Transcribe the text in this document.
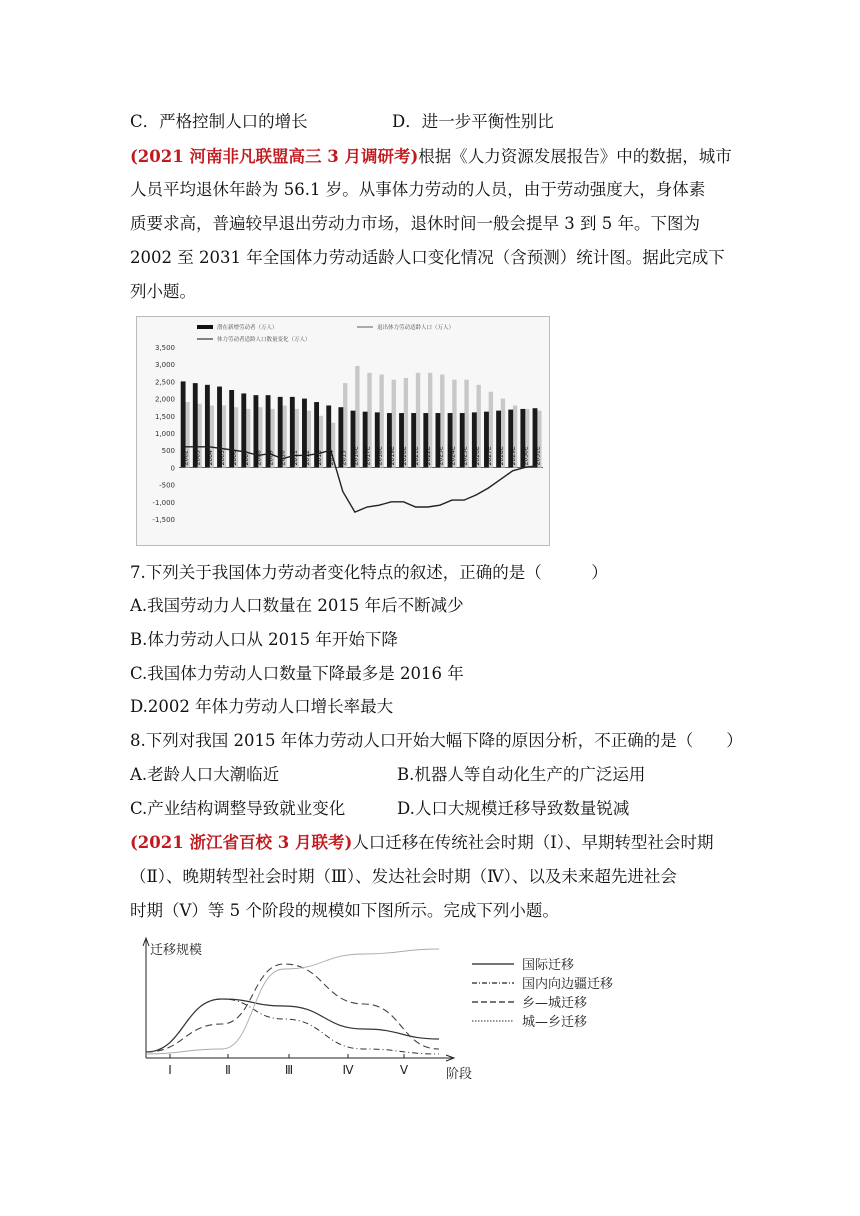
C．严格控制人口的增长	D．进一步平衡性别比
(2021 河南非凡联盟高三 3 月调研考)根据《人力资源发展报告》中的数据，城市
人员平均退休年龄为 56.1 岁。从事体力劳动的人员，由于劳动强度大，身体素
质要求高，普遍较早退出劳动力市场，退休时间一般会提早 3 到 5 年。下图为
2002 至 2031 年全国体力劳动适龄人口变化情况（含预测）统计图。据此完成下
列小题。
3,500
3,000
2,500
2,000
1,500
1,000
500
0
-500
-1,000
-1,500
2002 2003 2004 2005 2006 2007 2008 2009 2010 2011 2012 2013 2014 2015 2016E 2017E 2018E 2019E 2020E 2021E 2022E 2023E 2024E 2025E 2026E 2027E 2028E 2029E 2030E 2031E
潜在新增劳动者（万人）	退出体力劳动适龄人口（万人）
体力劳动者适龄人口数量变化（万人）
7.下列关于我国体力劳动者变化特点的叙述，正确的是（　　　）
A.我国劳动力人口数量在 2015 年后不断减少
B.体力劳动人口从 2015 年开始下降
C.我国体力劳动人口数量下降最多是 2016 年
D.2002 年体力劳动人口增长率最大
8.下列对我国 2015 年体力劳动人口开始大幅下降的原因分析，不正确的是（　　）
A.老龄人口大潮临近	B.机器人等自动化生产的广泛运用
C.产业结构调整导致就业变化	D.人口大规模迁移导致数量锐减
(2021 浙江省百校 3 月联考)人口迁移在传统社会时期（Ⅰ）、早期转型社会时期
（Ⅱ）、晚期转型社会时期（Ⅲ）、发达社会时期（Ⅳ）、以及未来超先进社会
时期（Ⅴ）等 5 个阶段的规模如下图所示。完成下列小题。
迁移规模
阶段
Ⅰ	Ⅱ	Ⅲ	Ⅳ	Ⅴ
国际迁移
国内向边疆迁移
乡—城迁移
城—乡迁移
